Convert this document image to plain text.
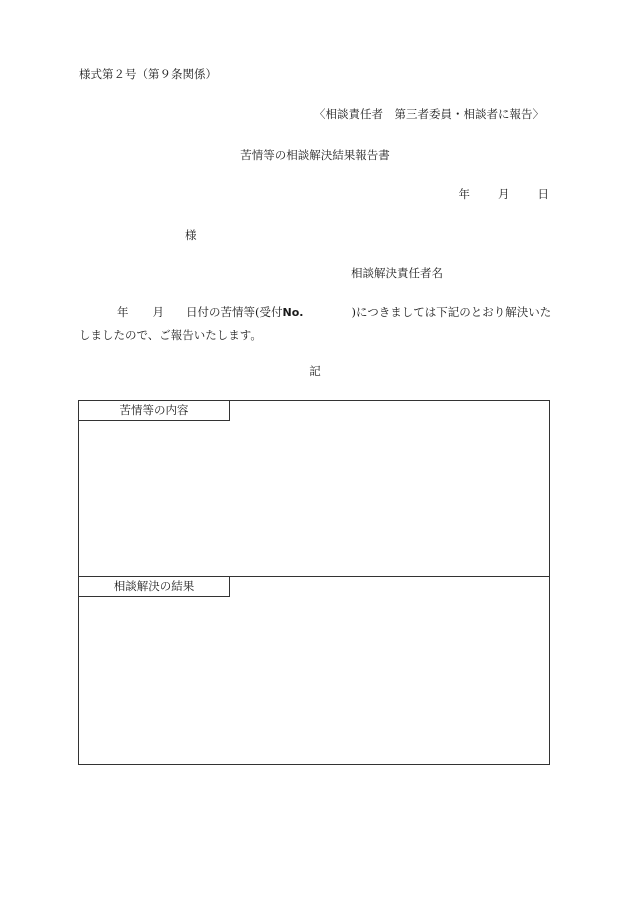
様式第２号（第９条関係）
〈相談責任者　第三者委員・相談者に報告〉
苦情等の相談解決結果報告書
年 月 日
様
相談解決責任者名
年 月 日付の苦情等(受付No.	)につきましては下記のとおり解決いたしましたので、ご報告いたします。
記
苦情等の内容
相談解決の結果
